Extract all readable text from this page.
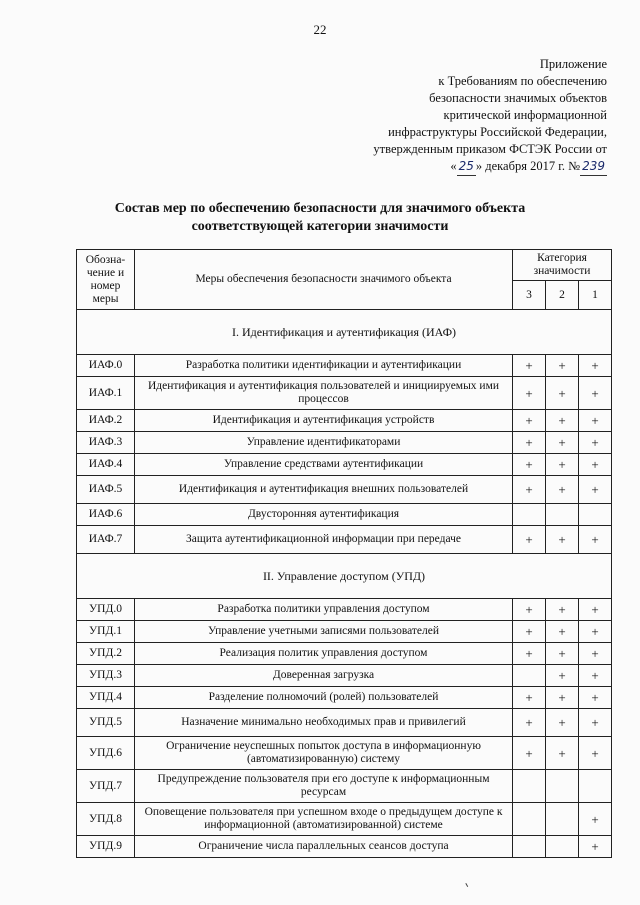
22
Приложение
к Требованиям по обеспечению
безопасности значимых объектов
критической информационной
инфраструктуры Российской Федерации,
утвержденным приказом ФСТЭК России от
« 25 » декабря 2017 г. № 239
Состав мер по обеспечению безопасности для значимого объекта
соответствующей категории значимости
Обозна-чение и номер меры	Меры обеспечения безопасности значимого объекта	Категория значимости		
		3	2	1
I. Идентификация и аутентификация (ИАФ)				
ИАФ.0	Разработка политики идентификации и аутентификации	+	+	+
ИАФ.1	Идентификация и аутентификация пользователей и инициируемых ими процессов	+	+	+
ИАФ.2	Идентификация и аутентификация устройств	+	+	+
ИАФ.3	Управление идентификаторами	+	+	+
ИАФ.4	Управление средствами аутентификации	+	+	+
ИАФ.5	Идентификация и аутентификация внешних пользователей	+	+	+
ИАФ.6	Двусторонняя аутентификация			
ИАФ.7	Защита аутентификационной информации при передаче	+	+	+
II. Управление доступом (УПД)				
УПД.0	Разработка политики управления доступом	+	+	+
УПД.1	Управление учетными записями пользователей	+	+	+
УПД.2	Реализация политик управления доступом	+	+	+
УПД.3	Доверенная загрузка		+	+
УПД.4	Разделение полномочий (ролей) пользователей	+	+	+
УПД.5	Назначение минимально необходимых прав и привилегий	+	+	+
УПД.6	Ограничение неуспешных попыток доступа в информационную (автоматизированную) систему	+	+	+
УПД.7	Предупреждение пользователя при его доступе к информационным ресурсам			
УПД.8	Оповещение пользователя при успешном входе о предыдущем доступе к информационной (автоматизированной) системе			+
УПД.9	Ограничение числа параллельных сеансов доступа			+
